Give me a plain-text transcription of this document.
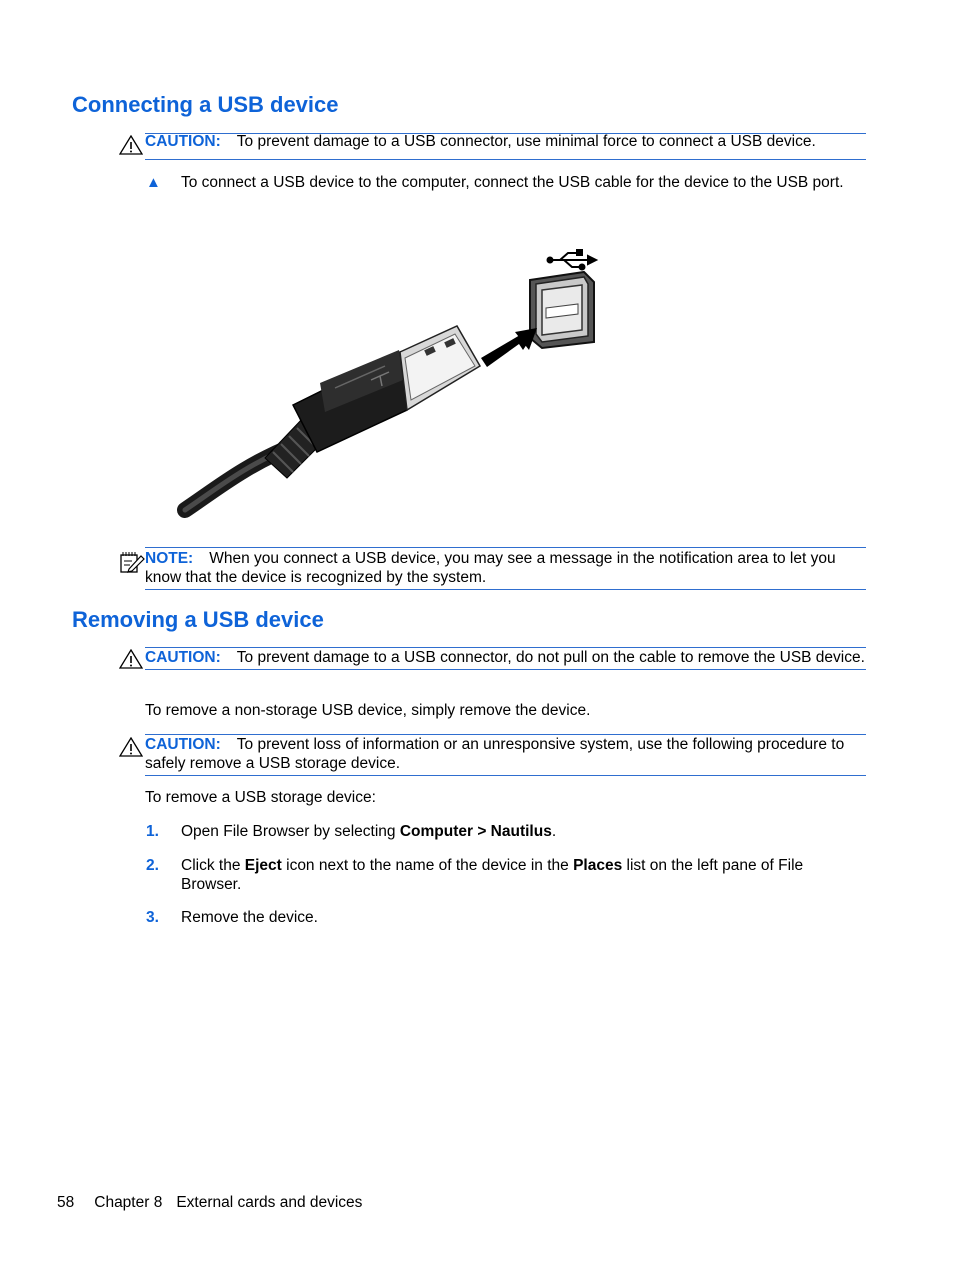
Connecting a USB device
CAUTION: To prevent damage to a USB connector, use minimal force to connect a USB device.
▲ To connect a USB device to the computer, connect the USB cable for the device to the USB port.
NOTE: When you connect a USB device, you may see a message in the notification area to let you know that the device is recognized by the system.
Removing a USB device
CAUTION: To prevent damage to a USB connector, do not pull on the cable to remove the USB device.
To remove a non-storage USB device, simply remove the device.
CAUTION: To prevent loss of information or an unresponsive system, use the following procedure to safely remove a USB storage device.
To remove a USB storage device:
1. Open File Browser by selecting Computer > Nautilus.
2. Click the Eject icon next to the name of the device in the Places list on the left pane of File Browser.
3. Remove the device.
58 Chapter 8 External cards and devices
